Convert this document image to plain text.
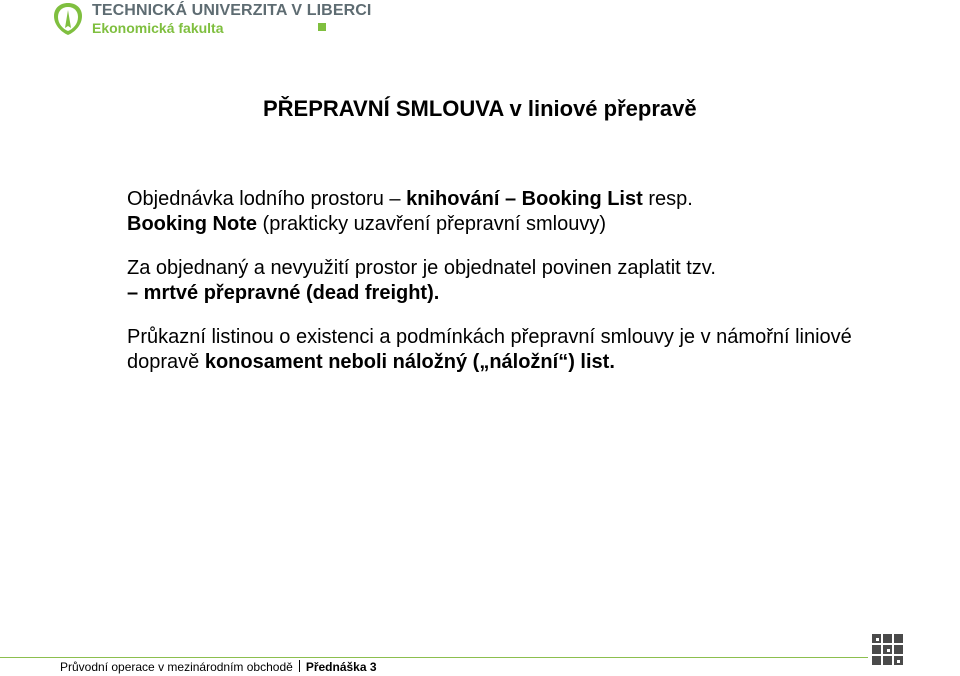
TECHNICKÁ UNIVERZITA V LIBERCI
Ekonomická fakulta
PŘEPRAVNÍ SMLOUVA v liniové přepravě
Objednávka lodního prostoru – knihování – Booking List resp.
Booking Note (prakticky uzavření přepravní smlouvy)
Za objednaný a nevyužití prostor je objednatel povinen zaplatit tzv.
– mrtvé přepravné (dead freight).
Průkazní listinou o existenci a podmínkách přepravní smlouvy je v námořní liniové dopravě konosament neboli náložný („náložní“) list.
Průvodní operace v mezinárodním obchodě Přednáška 3
